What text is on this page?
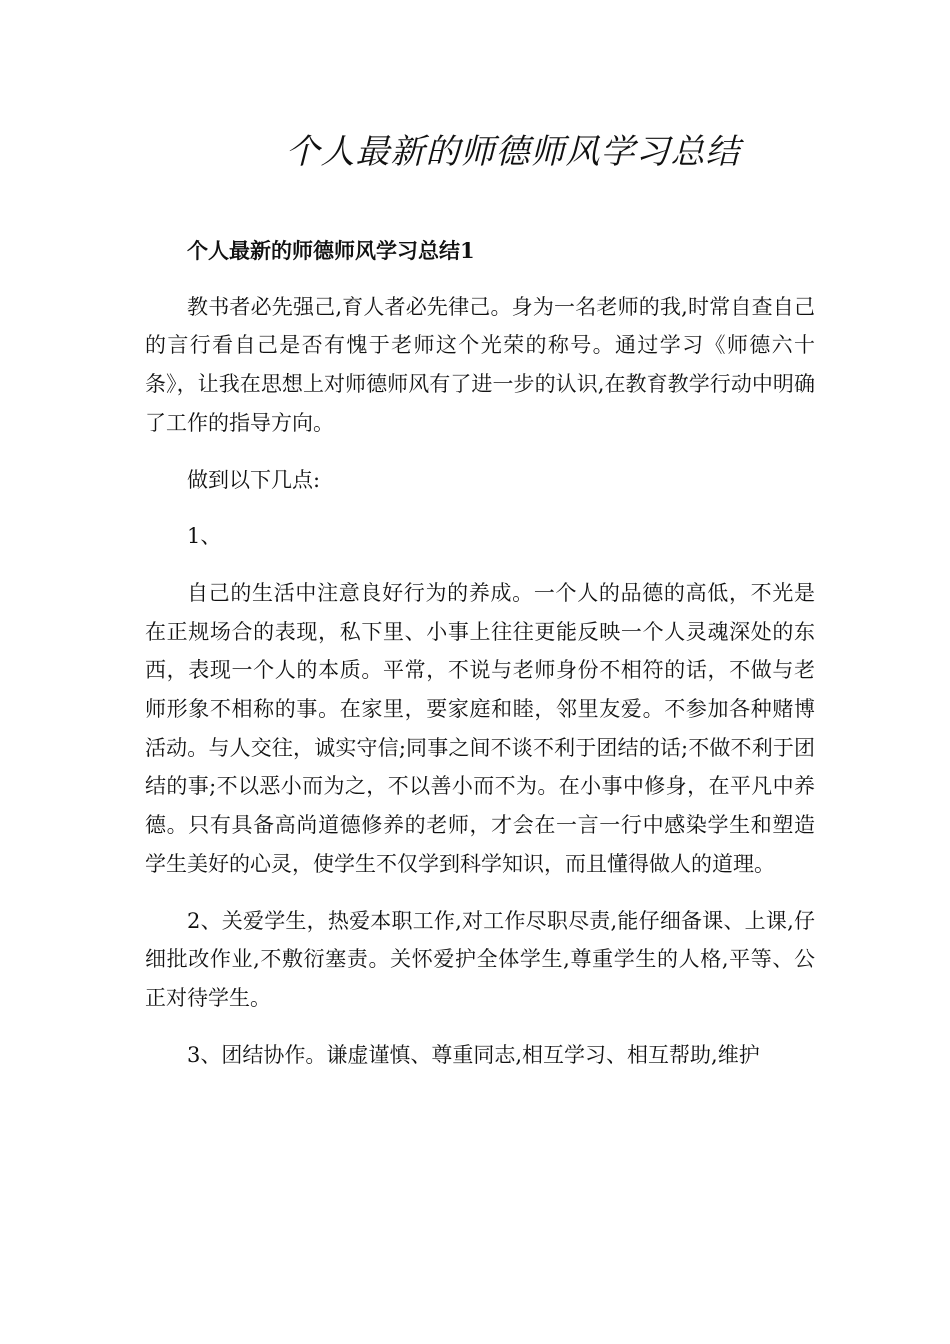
个人最新的师德师风学习总结

个人最新的师德师风学习总结1

教书者必先强己,育人者必先律己。身为一名老师的我,时常自查自己的言行看自己是否有愧于老师这个光荣的称号。通过学习《师德六十条》，让我在思想上对师德师风有了进一步的认识,在教育教学行动中明确了工作的指导方向。

做到以下几点:

1、

自己的生活中注意良好行为的养成。一个人的品德的高低，不光是在正规场合的表现，私下里、小事上往往更能反映一个人灵魂深处的东西，表现一个人的本质。平常，不说与老师身份不相符的话，不做与老师形象不相称的事。在家里，要家庭和睦，邻里友爱。不参加各种赌博活动。与人交往，诚实守信;同事之间不谈不利于团结的话;不做不利于团结的事;不以恶小而为之，不以善小而不为。在小事中修身，在平凡中养德。只有具备高尚道德修养的老师，才会在一言一行中感染学生和塑造学生美好的心灵，使学生不仅学到科学知识，而且懂得做人的道理。

2、关爱学生，热爱本职工作,对工作尽职尽责,能仔细备课、上课,仔细批改作业,不敷衍塞责。关怀爱护全体学生,尊重学生的人格,平等、公正对待学生。

3、团结协作。谦虚谨慎、尊重同志,相互学习、相互帮助,维护
